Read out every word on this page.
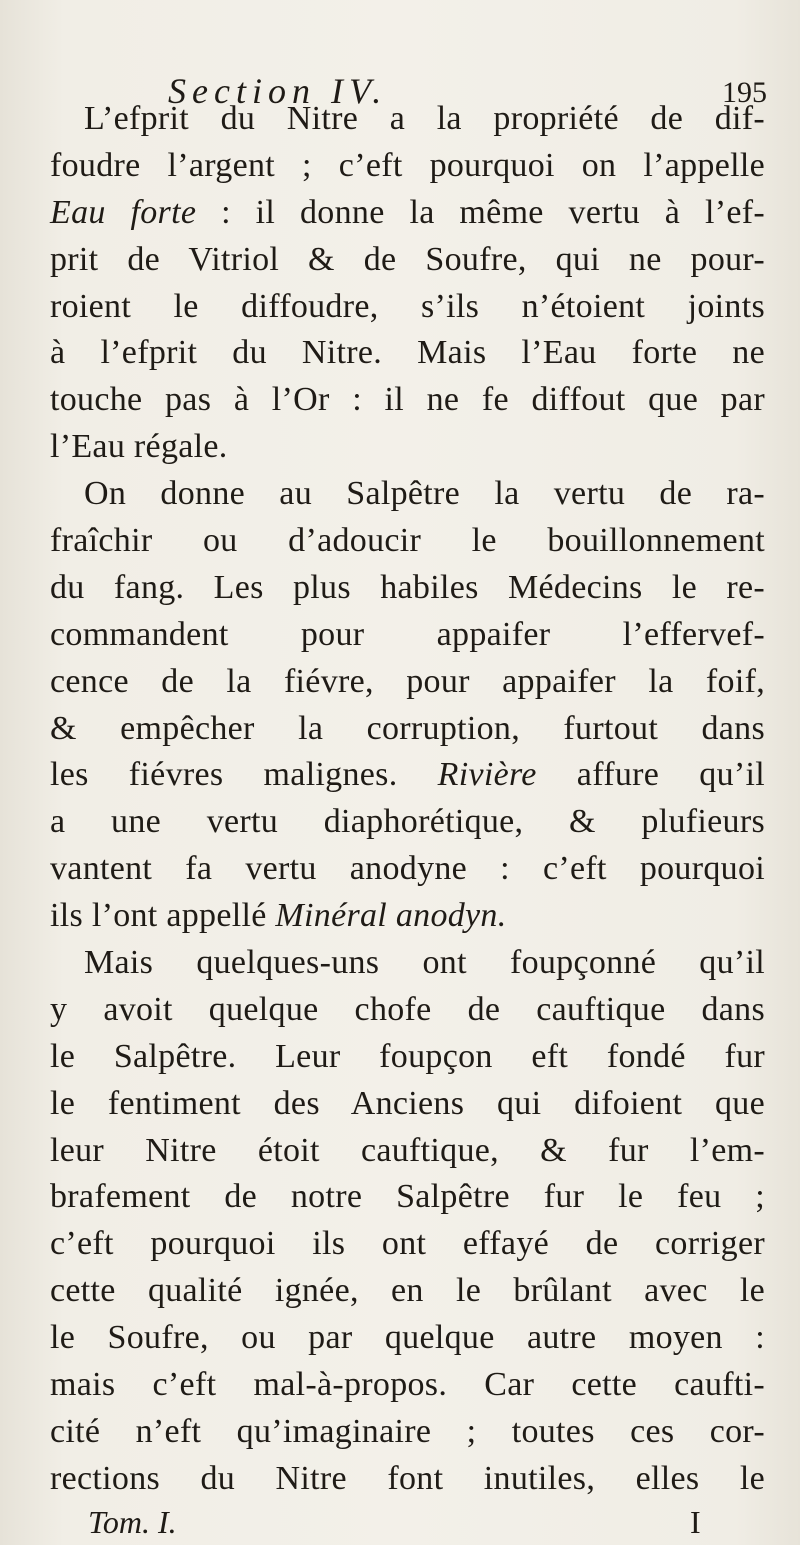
Section IV.	195
L’efprit du Nitre a la propriété de dif-
foudre l’argent ; c’eft pourquoi on l’appelle
Eau forte : il donne la même vertu à l’ef-
prit de Vitriol & de Soufre, qui ne pour-
roient le diffoudre, s’ils n’étoient joints
à l’efprit du Nitre. Mais l’Eau forte ne
touche pas à l’Or : il ne fe diffout que par
l’Eau régale.
On donne au Salpêtre la vertu de ra-
fraîchir ou d’adoucir le bouillonnement
du fang. Les plus habiles Médecins le re-
commandent pour appaifer l’effervef-
cence de la fiévre, pour appaifer la foif,
& empêcher la corruption, furtout dans
les fiévres malignes. Rivière affure qu’il
a une vertu diaphorétique, & plufieurs
vantent fa vertu anodyne : c’eft pourquoi
ils l’ont appellé Minéral anodyn.
Mais quelques-uns ont foupçonné qu’il
y avoit quelque chofe de cauftique dans
le Salpêtre. Leur foupçon eft fondé fur
le fentiment des Anciens qui difoient que
leur Nitre étoit cauftique, & fur l’em-
brafement de notre Salpêtre fur le feu ;
c’eft pourquoi ils ont effayé de corriger
cette qualité ignée, en le brûlant avec le
le Soufre, ou par quelque autre moyen :
mais c’eft mal-à-propos. Car cette caufti-
cité n’eft qu’imaginaire ; toutes ces cor-
rections du Nitre font inutiles, elles le
Tom. I.	I
